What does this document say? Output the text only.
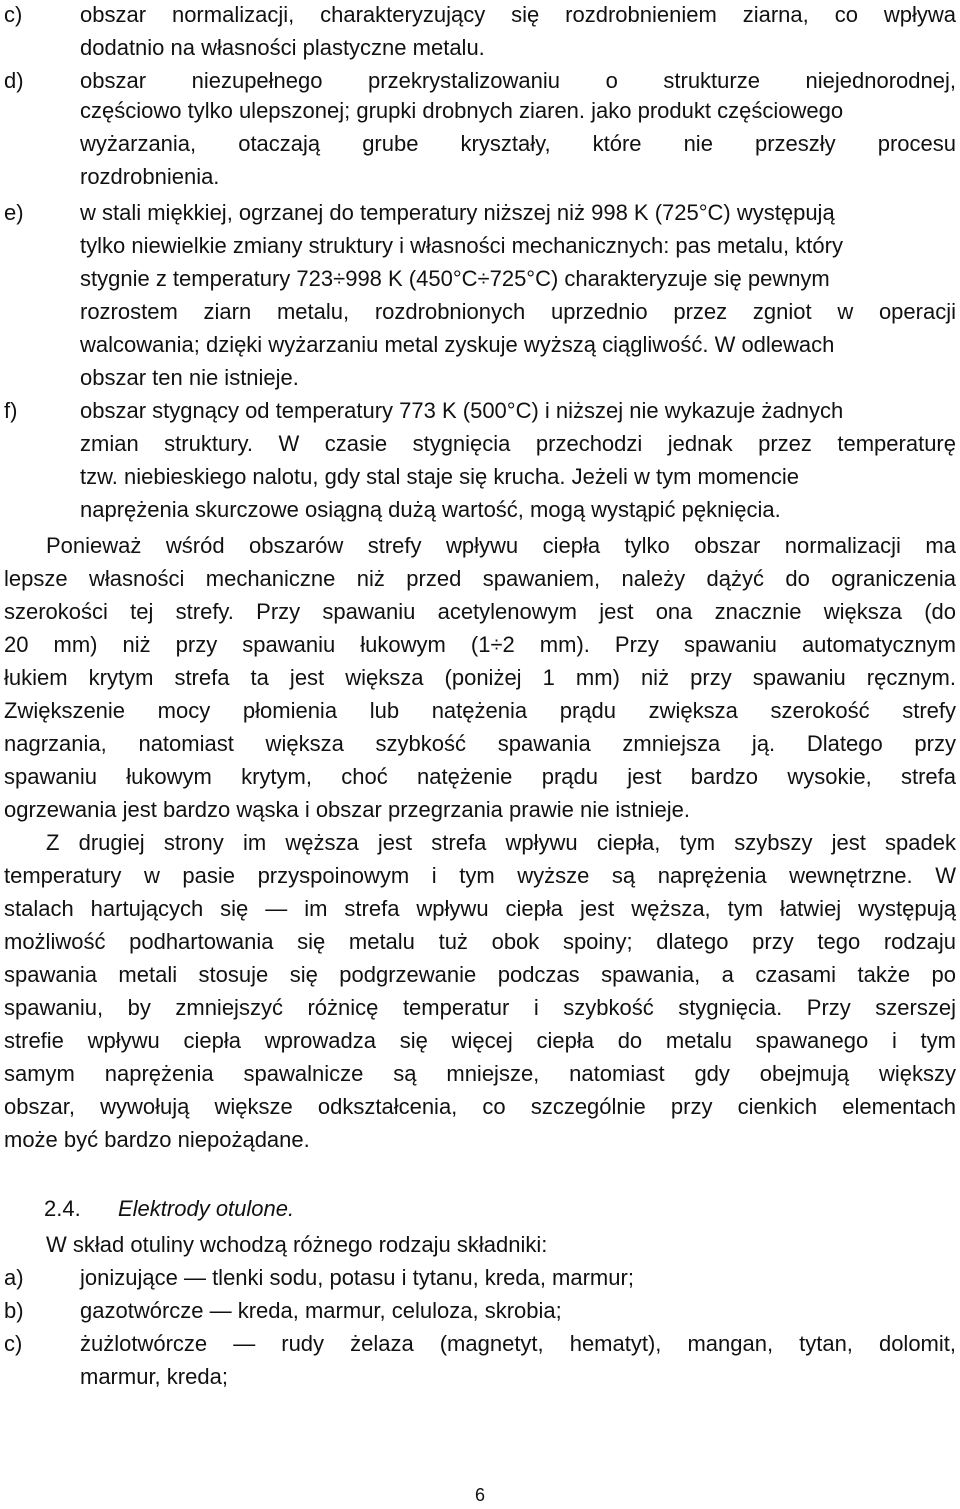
c)	obszar normalizacji, charakteryzujący się rozdrobnieniem ziarna, co wpływa
dodatnio na własności plastyczne metalu.
d)	obszar niezupełnego przekrystalizowaniu o strukturze niejednorodnej,
częściowo tylko ulepszonej; grupki drobnych ziaren. jako produkt częściowego
wyżarzania, otaczają grube kryształy, które nie przeszły procesu
rozdrobnienia.
e)	w stali miękkiej, ogrzanej do temperatury niższej niż 998 K (725°C) występują
tylko niewielkie zmiany struktury i własności mechanicznych: pas metalu, który
stygnie z temperatury 723÷998 K (450°C÷725°C) charakteryzuje się pewnym
rozrostem ziarn metalu, rozdrobnionych uprzednio przez zgniot w operacji
walcowania; dzięki wyżarzaniu metal zyskuje wyższą ciągliwość. W odlewach
obszar ten nie istnieje.
f)	obszar stygnący od temperatury 773 K (500°C) i niższej nie wykazuje żadnych
zmian struktury. W czasie stygnięcia przechodzi jednak przez temperaturę
tzw. niebieskiego nalotu, gdy stal staje się krucha. Jeżeli w tym momencie
naprężenia skurczowe osiągną dużą wartość, mogą wystąpić pęknięcia.
Ponieważ wśród obszarów strefy wpływu ciepła tylko obszar normalizacji ma
lepsze własności mechaniczne niż przed spawaniem, należy dążyć do ograniczenia
szerokości tej strefy. Przy spawaniu acetylenowym jest ona znacznie większa (do
20 mm) niż przy spawaniu łukowym (1÷2 mm). Przy spawaniu automatycznym
łukiem krytym strefa ta jest większa (poniżej 1 mm) niż przy spawaniu ręcznym.
Zwiększenie mocy płomienia lub natężenia prądu zwiększa szerokość strefy
nagrzania, natomiast większa szybkość spawania zmniejsza ją. Dlatego przy
spawaniu łukowym krytym, choć natężenie prądu jest bardzo wysokie, strefa
ogrzewania jest bardzo wąska i obszar przegrzania prawie nie istnieje.
Z drugiej strony im węższa jest strefa wpływu ciepła, tym szybszy jest spadek
temperatury w pasie przyspoinowym i tym wyższe są naprężenia wewnętrzne. W
stalach hartujących się — im strefa wpływu ciepła jest węższa, tym łatwiej występują
możliwość podhartowania się metalu tuż obok spoiny; dlatego przy tego rodzaju
spawania metali stosuje się podgrzewanie podczas spawania, a czasami także po
spawaniu, by zmniejszyć różnicę temperatur i szybkość stygnięcia. Przy szerszej
strefie wpływu ciepła wprowadza się więcej ciepła do metalu spawanego i tym
samym naprężenia spawalnicze są mniejsze, natomiast gdy obejmują większy
obszar, wywołują większe odkształcenia, co szczególnie przy cienkich elementach
może być bardzo niepożądane.
2.4. Elektrody otulone.
W skład otuliny wchodzą różnego rodzaju składniki:
a)	jonizujące — tlenki sodu, potasu i tytanu, kreda, marmur;
b)	gazotwórcze — kreda, marmur, celuloza, skrobia;
c)	żużlotwórcze — rudy żelaza (magnetyt, hematyt), mangan, tytan, dolomit,
marmur, kreda;
6
